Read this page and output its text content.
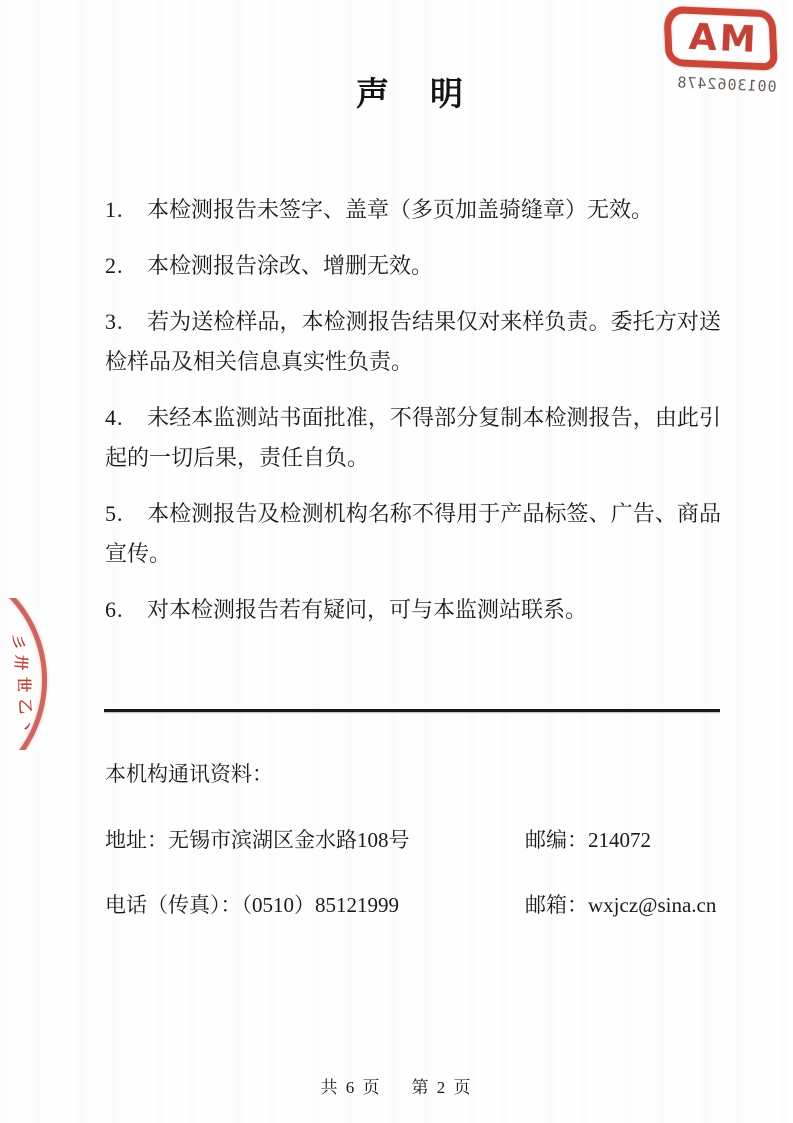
MA
0013062478
彡
卅
世
乙
丶
声　明

1. 本检测报告未签字、盖章（多页加盖骑缝章）无效。

2. 本检测报告涂改、增删无效。

3. 若为送检样品，本检测报告结果仅对来样负责。委托方对送检样品及相关信息真实性负责。

4. 未经本监测站书面批准，不得部分复制本检测报告，由此引起的一切后果，责任自负。

5. 本检测报告及检测机构名称不得用于产品标签、广告、商品宣传。

6. 对本检测报告若有疑问，可与本监测站联系。

本机构通讯资料：
地址：无锡市滨湖区金水路108号	邮编：214072
电话（传真）：（0510）85121999	邮箱：wxjcz@sina.cn
共 6 页 第 2 页
